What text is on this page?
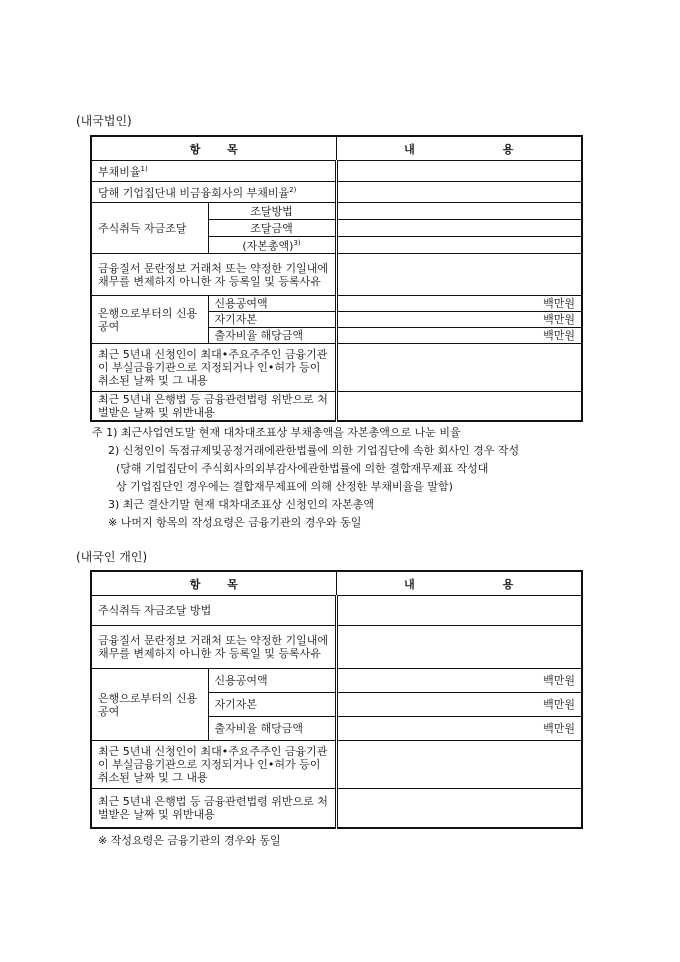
(내국법인)
항 목		내 용
부채비율$^{1)}$	
당해 기업집단내 비금융회사의 부채비율$^{2)}$	
주식취득 자금조달	조달방법	
	조달금액	
	(자본총액)$^{3)}$	
금융질서 문란정보 거래처 또는 약정한 기일내에 채무를 변제하지 아니한 자 등록일 및 등록사유		
은행으로부터의 신용공여	신용공여액	백만원
	자기자본	백만원
	출자비율 해당금액	백만원
최근 5년내 신청인이 최대•주요주주인 금융기관이 부실금융기관으로 지정되거나 인•허가 등이 취소된 날짜 및 그 내용		
최근 5년내 은행법 등 금융관련법령 위반으로 처벌받은 날짜 및 위반내용		
주 1) 최근사업연도말 현재 대차대조표상 부채총액을 자본총액으로 나눈 비율
2) 신청인이 독점규제및공정거래에관한법률에 의한 기업집단에 속한 회사인 경우 작성
(당해 기업집단이 주식회사의외부감사에관한법률에 의한 결합재무제표 작성대
상 기업집단인 경우에는 결합재무제표에 의해 산정한 부채비율을 말함)
3) 최근 결산기말 현재 대차대조표상 신청인의 자본총액
※ 나머지 항목의 작성요령은 금융기관의 경우와 동일
(내국인 개인)
항 목		내 용
주식취득 자금조달 방법		
금융질서 문란정보 거래처 또는 약정한 기일내에 채무를 변제하지 아니한 자 등록일 및 등록사유		
은행으로부터의 신용공여	신용공여액	백만원
	자기자본	백만원
	출자비율 해당금액	백만원
최근 5년내 신청인이 최대•주요주주인 금융기관이 부실금융기관으로 지정되거나 인•허가 등이 취소된 날짜 및 그 내용		
최근 5년내 은행법 등 금융관련법령 위반으로 처벌받은 날짜 및 위반내용		
※ 작성요령은 금융기관의 경우와 동일
